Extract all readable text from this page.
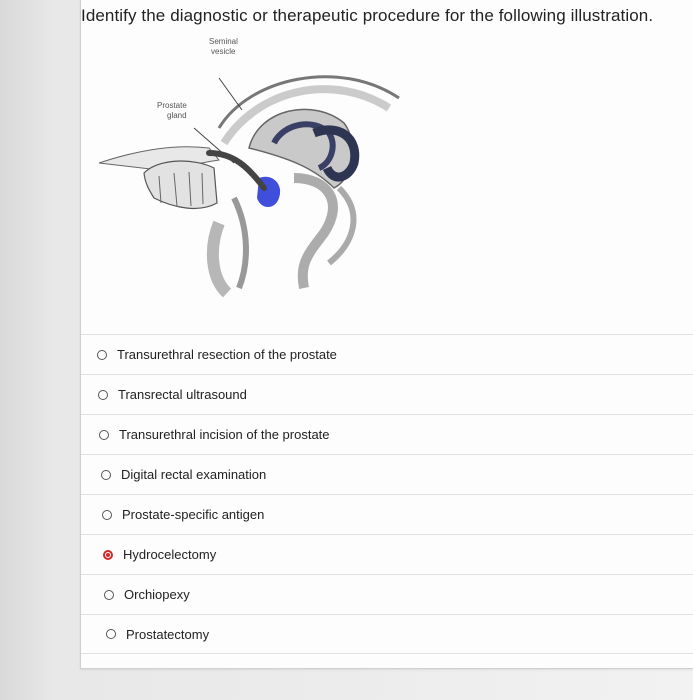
Identify the diagnostic or therapeutic procedure for the following illustration.
Seminal
vesicle
Prostate
gland
Transurethral resection of the prostate
Transrectal ultrasound
Transurethral incision of the prostate
Digital rectal examination
Prostate-specific antigen
Hydrocelectomy
Orchiopexy
Prostatectomy
